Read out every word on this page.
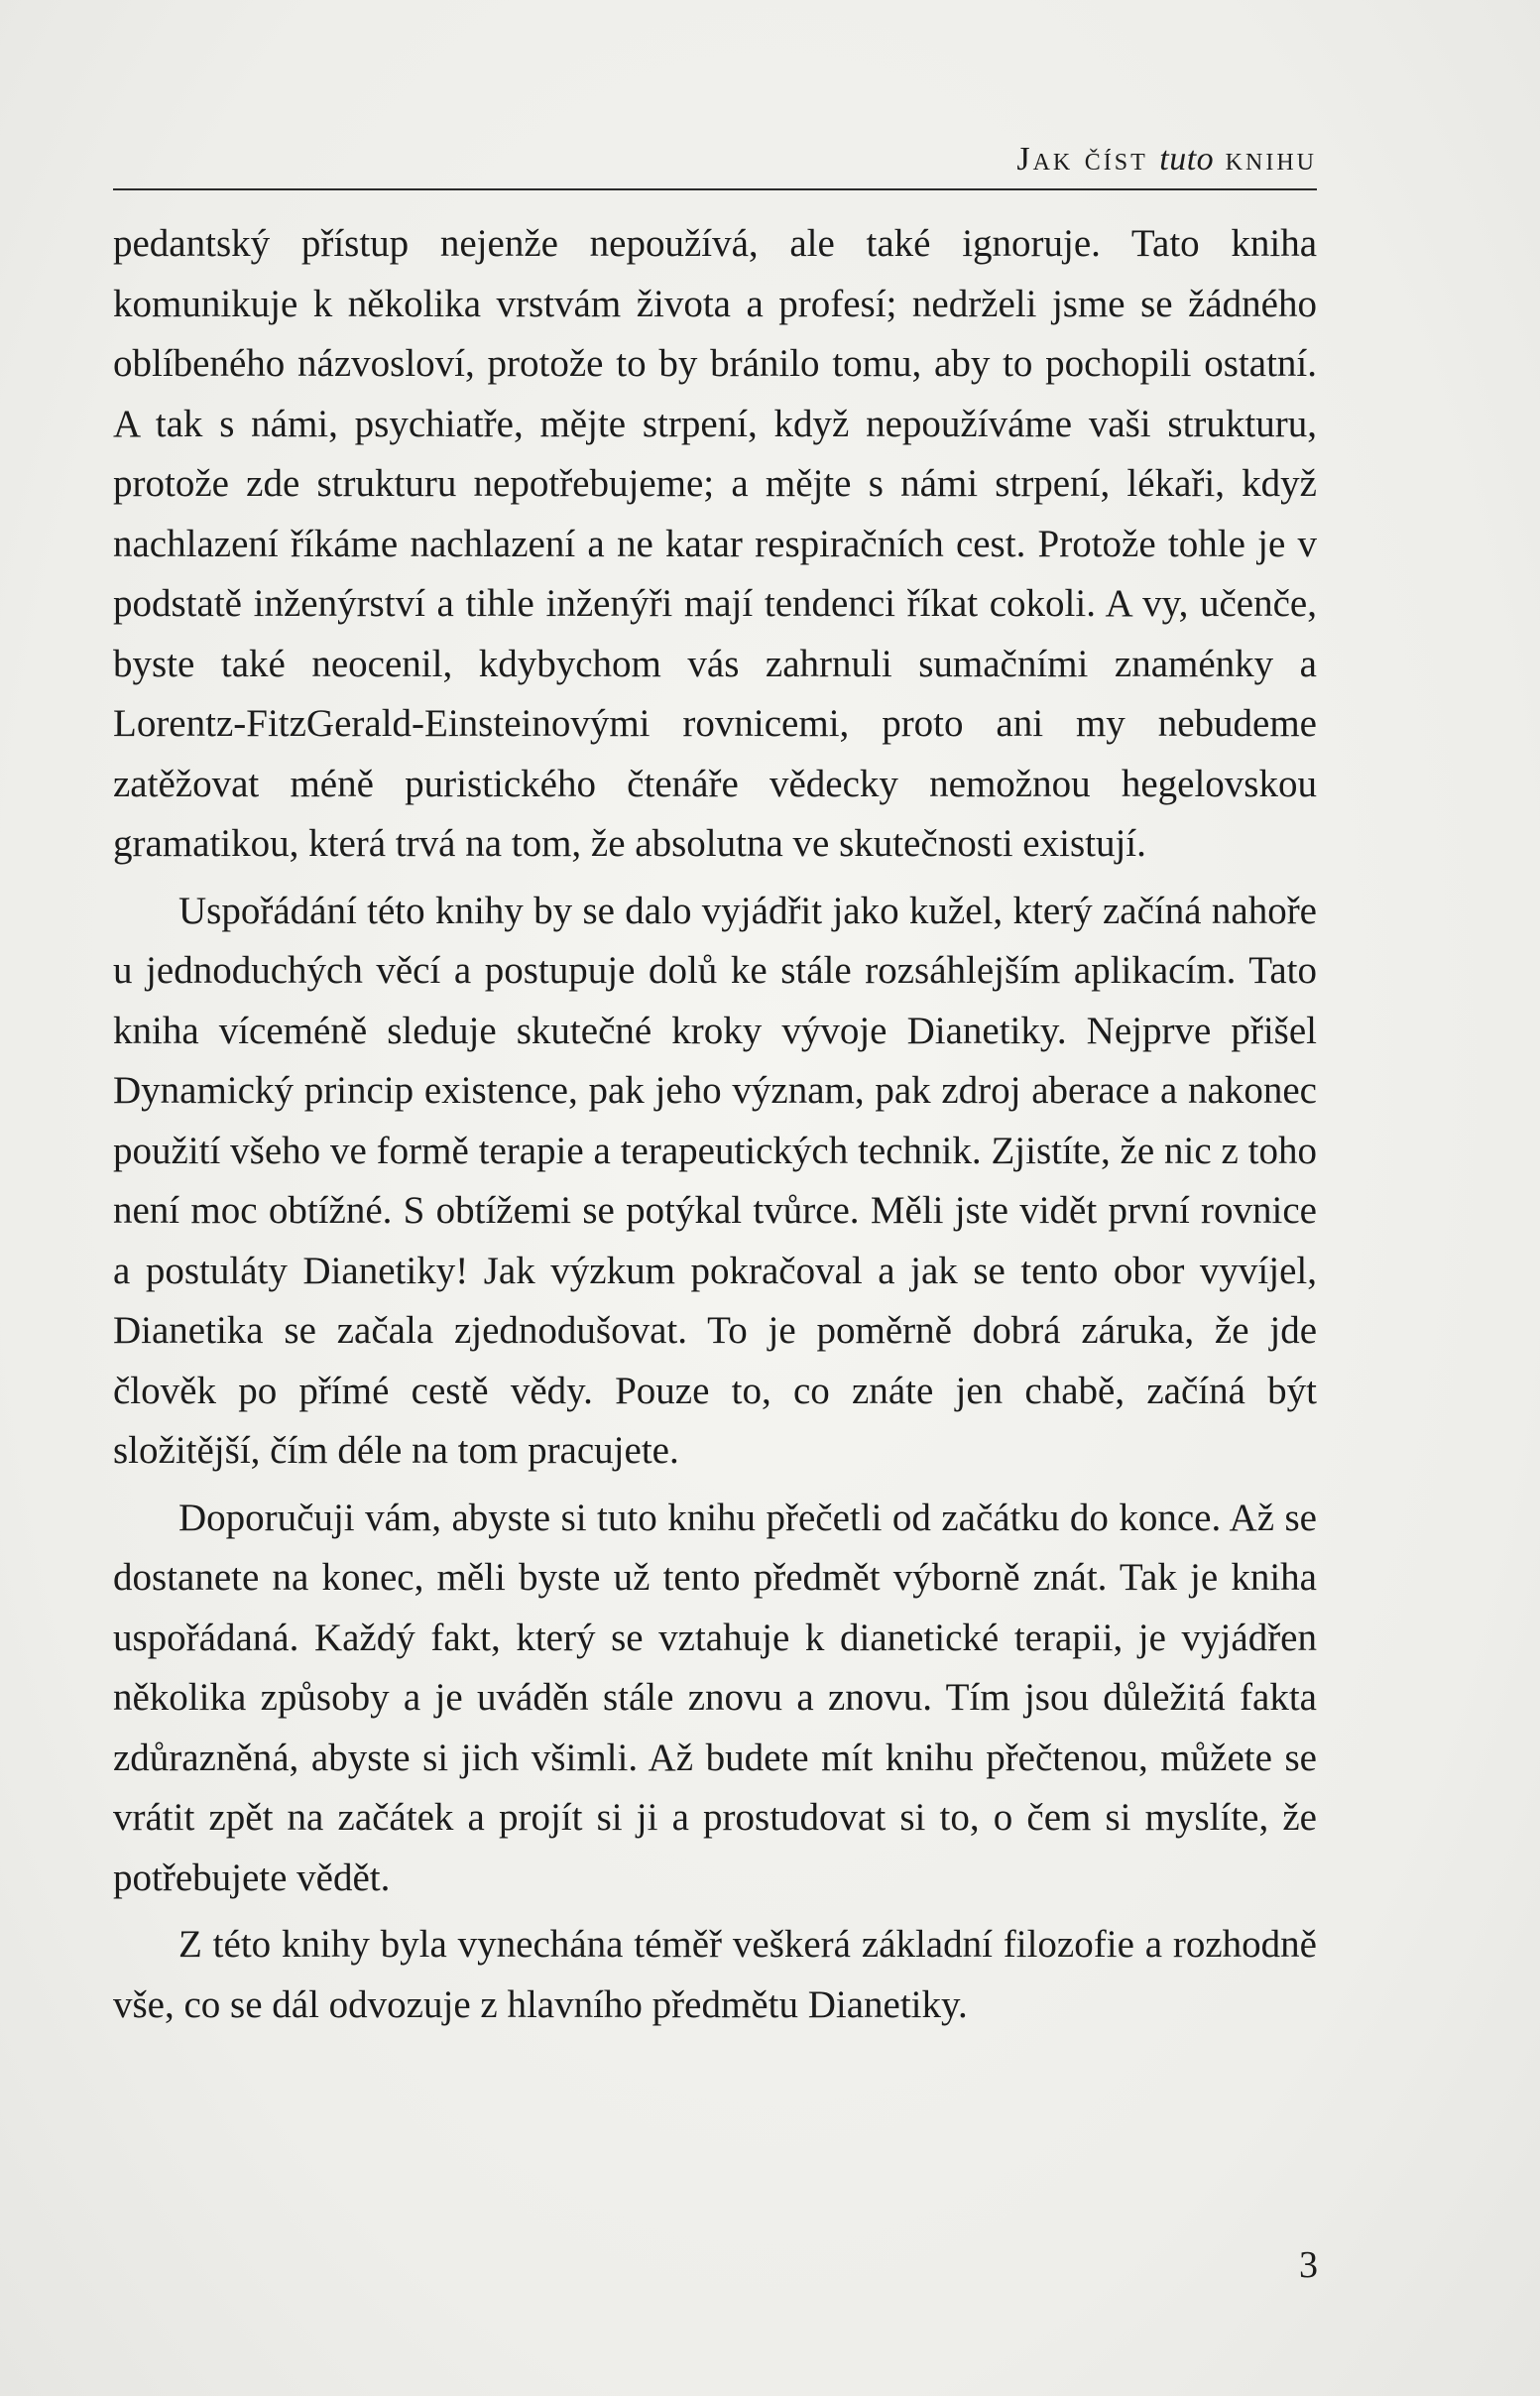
Jak číst tuto knihu

pedantský přístup nejenže nepoužívá, ale také ignoruje. Tato kniha komunikuje k několika vrstvám života a profesí; nedrželi jsme se žádného oblíbeného názvosloví, protože to by bránilo tomu, aby to pochopili ostatní. A tak s námi, psychiatře, mějte strpení, když nepoužíváme vaši strukturu, protože zde strukturu nepotřebujeme; a mějte s námi strpení, lékaři, když nachlazení říkáme nachlazení a ne katar respiračních cest. Protože tohle je v podstatě inženýrství a tihle inženýři mají tendenci říkat cokoli. A vy, učenče, byste také neocenil, kdybychom vás zahrnuli sumačními znaménky a Lorentz-FitzGerald-Einsteinovými rovnicemi, proto ani my nebudeme zatěžovat méně puristického čtenáře vědecky nemožnou hegelovskou gramatikou, která trvá na tom, že absolutna ve skutečnosti existují.

Uspořádání této knihy by se dalo vyjádřit jako kužel, který začíná nahoře u jednoduchých věcí a postupuje dolů ke stále rozsáhlejším aplikacím. Tato kniha víceméně sleduje skutečné kroky vývoje Dianetiky. Nejprve přišel Dynamický princip existence, pak jeho význam, pak zdroj aberace a nakonec použití všeho ve formě terapie a terapeutických technik. Zjistíte, že nic z toho není moc obtížné. S obtížemi se potýkal tvůrce. Měli jste vidět první rovnice a postuláty Dianetiky! Jak výzkum pokračoval a jak se tento obor vyvíjel, Dianetika se začala zjednodušovat. To je poměrně dobrá záruka, že jde člověk po přímé cestě vědy. Pouze to, co znáte jen chabě, začíná být složitější, čím déle na tom pracujete.

Doporučuji vám, abyste si tuto knihu přečetli od začátku do konce. Až se dostanete na konec, měli byste už tento předmět výborně znát. Tak je kniha uspořádaná. Každý fakt, který se vztahuje k dianetické terapii, je vyjádřen několika způsoby a je uváděn stále znovu a znovu. Tím jsou důležitá fakta zdůrazněná, abyste si jich všimli. Až budete mít knihu přečtenou, můžete se vrátit zpět na začátek a projít si ji a prostudovat si to, o čem si myslíte, že potřebujete vědět.

Z této knihy byla vynechána téměř veškerá základní filozofie a rozhodně vše, co se dál odvozuje z hlavního předmětu Dianetiky.

3
